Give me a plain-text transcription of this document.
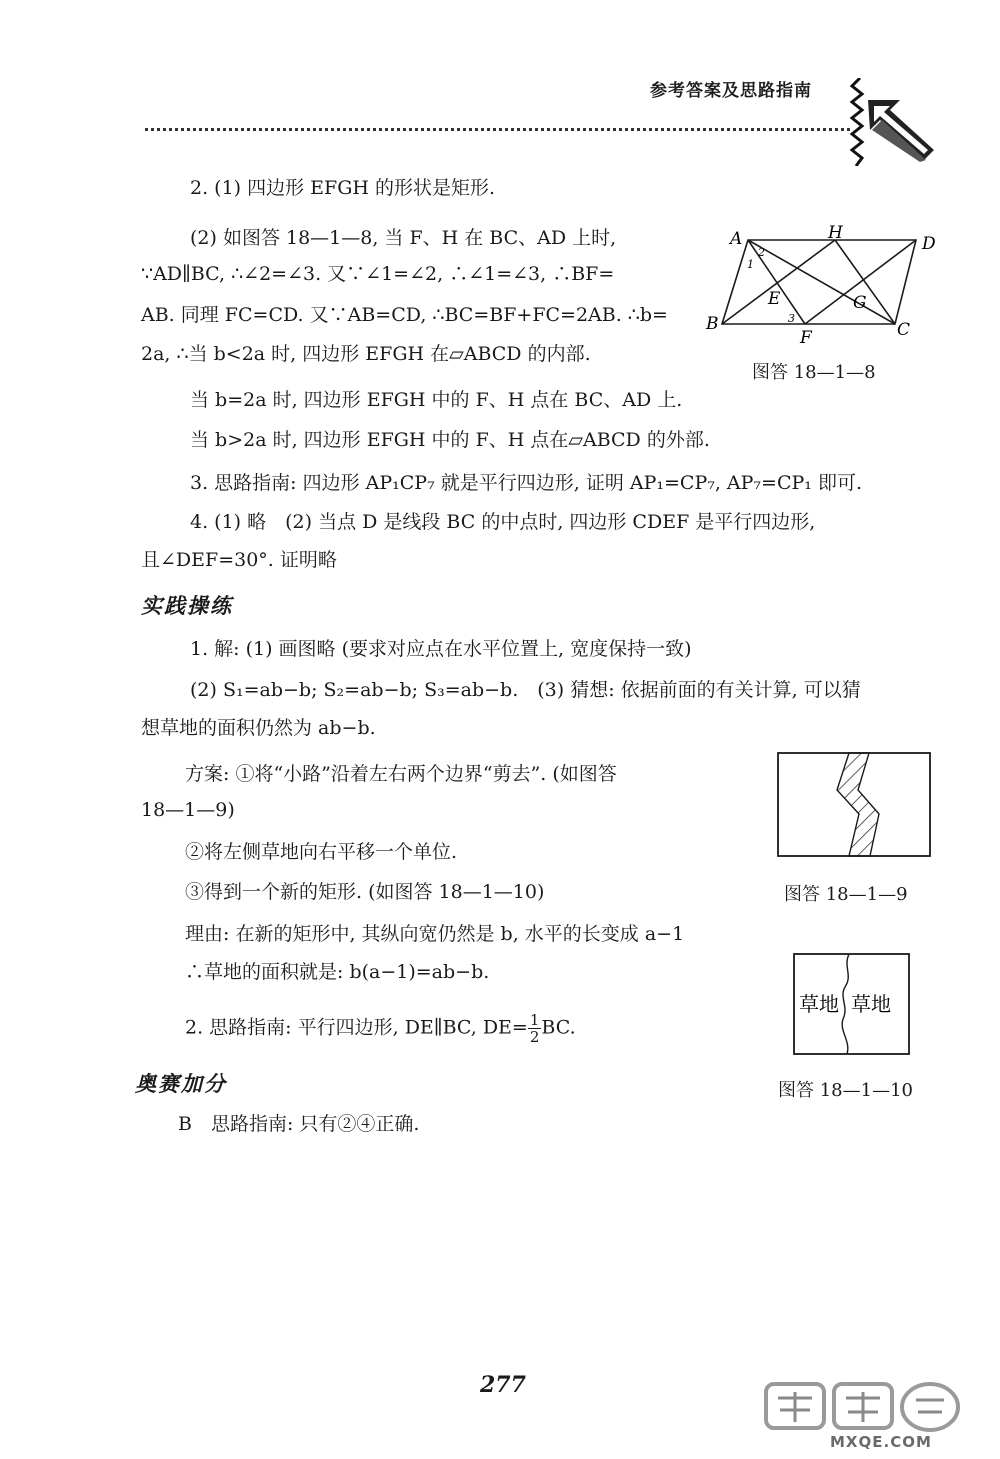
参考答案及思路指南
2. (1) 四边形 EFGH 的形状是矩形.
(2) 如图答 18—1—8, 当 F、H 在 BC、AD 上时,
∵AD∥BC, ∴∠2=∠3. 又∵∠1=∠2, ∴∠1=∠3, ∴BF=
AB. 同理 FC=CD. 又∵AB=CD, ∴BC=BF+FC=2AB. ∴b=
2a, ∴当 b<2a 时, 四边形 EFGH 在▱ABCD 的内部.
当 b=2a 时, 四边形 EFGH 中的 F、H 点在 BC、AD 上.
当 b>2a 时, 四边形 EFGH 中的 F、H 点在▱ABCD 的外部.
3. 思路指南: 四边形 AP₁CP₇ 就是平行四边形, 证明 AP₁=CP₇, AP₇=CP₁ 即可.
4. (1) 略　(2) 当点 D 是线段 BC 的中点时, 四边形 CDEF 是平行四边形,
且∠DEF=30°. 证明略
实践操练
1. 解: (1) 画图略 (要求对应点在水平位置上, 宽度保持一致)
(2) S₁=ab−b; S₂=ab−b; S₃=ab−b.　(3) 猜想: 依据前面的有关计算, 可以猜
想草地的面积仍然为 ab−b.
方案: ①将“小路”沿着左右两个边界“剪去”. (如图答
18—1—9)
②将左侧草地向右平移一个单位.
③得到一个新的矩形. (如图答 18—1—10)
理由: 在新的矩形中, 其纵向宽仍然是 b, 水平的长变成 a−1
∴草地的面积就是: b(a−1)=ab−b.
2. 思路指南: 平行四边形, DE∥BC, $DE= \frac{1}{2}$ BC.
奥赛加分
B　思路指南: 只有②④正确.
A	H
D
B
F	C
E	G
1
2
3
图答 18—1—8
图答 18—1—9
草地 草地
图答 18—1—10
277
MXQE.COM
